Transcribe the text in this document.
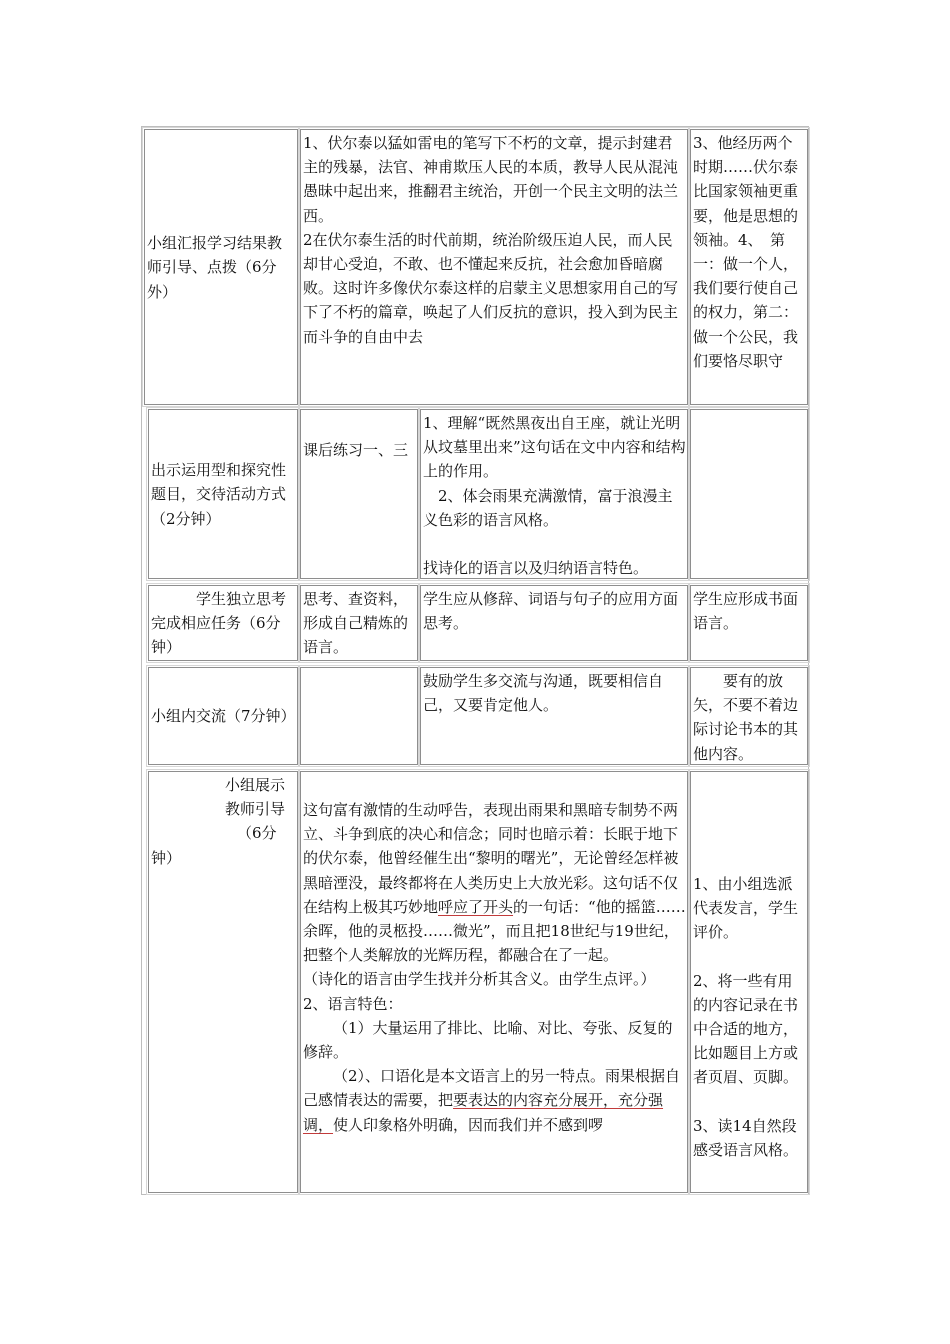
小组汇报学习结果教师引导、点拨（6分外）

1、伏尔泰以猛如雷电的笔写下不朽的文章，提示封建君主的残暴，法官、神甫欺压人民的本质，教导人民从混沌愚昧中起出来，推翻君主统治，开创一个民主文明的法兰西。

2在伏尔泰生活的时代前期，统治阶级压迫人民，而人民却甘心受迫，不敢、也不懂起来反抗，社会愈加昏暗腐败。这时许多像伏尔泰这样的启蒙主义思想家用自己的写下了不朽的篇章，唤起了人们反抗的意识，投入到为民主而斗争的自由中去

3、他经历两个时期……伏尔泰比国家领袖更重要，他是思想的领袖。4、　第一：做一个人，我们要行使自己的权力，第二：做一个公民，我们要恪尽职守

出示运用型和探究性题目，交待活动方式　　（2分钟）

课后练习一、三

1、理解“既然黑夜出自王座，就让光明从坟墓里出来”这句话在文中内容和结构上的作用。

2、体会雨果充满激情，富于浪漫主义色彩的语言风格。

找诗化的语言以及归纳语言特色。

学生独立思考完成相应任务（6分钟）

思考、查资料，形成自己精炼的语言。

学生应从修辞、词语与句子的应用方面思考。

学生应形成书面语言。

小组内交流（7分钟）

鼓励学生多交流与沟通，既要相信自己，又要肯定他人。

要有的放矢，不要不着边际讨论书本的其他内容。

小组展示

教师引导

（6分

钟）

这句富有激情的生动呼告，表现出雨果和黑暗专制势不两立、斗争到底的决心和信念；同时也暗示着：长眠于地下的伏尔泰，他曾经催生出“黎明的曙光”，无论曾经怎样被黑暗湮没，最终都将在人类历史上大放光彩。这句话不仅在结构上极其巧妙地呼应了开头的一句话：“他的摇篮……余晖，他的灵柩投……微光”，而且把18世纪与19世纪，把整个人类解放的光辉历程，都融合在了一起。

（诗化的语言由学生找并分析其含义。由学生点评。）

2、语言特色：

（1）大量运用了排比、比喻、对比、夸张、反复的修辞。

（2）、口语化是本文语言上的另一特点。雨果根据自己感情表达的需要，把要表达的内容充分展开，充分强调，使人印象格外明确，因而我们并不感到啰

1、由小组选派代表发言，学生评价。

2、将一些有用的内容记录在书中合适的地方，比如题目上方或者页眉、页脚。

3、读14自然段感受语言风格。
